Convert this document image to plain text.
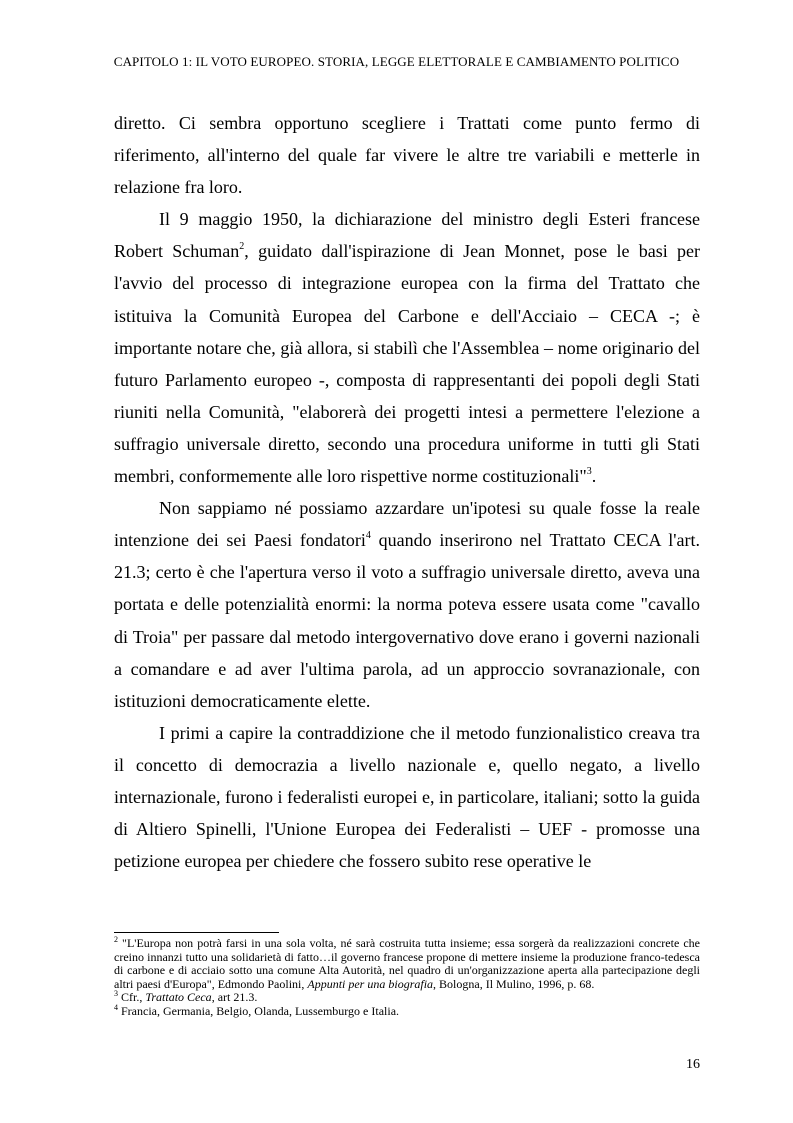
CAPITOLO 1: IL VOTO EUROPEO. STORIA, LEGGE ELETTORALE E CAMBIAMENTO POLITICO

diretto. Ci sembra opportuno scegliere i Trattati come punto fermo di riferimento, all'interno del quale far vivere le altre tre variabili e metterle in relazione fra loro.

Il 9 maggio 1950, la dichiarazione del ministro degli Esteri francese Robert Schuman$^2$, guidato dall'ispirazione di Jean Monnet, pose le basi per l'avvio del processo di integrazione europea con la firma del Trattato che istituiva la Comunità Europea del Carbone e dell'Acciaio – CECA -; è importante notare che, già allora, si stabilì che l'Assemblea – nome originario del futuro Parlamento europeo -, composta di rappresentanti dei popoli degli Stati riuniti nella Comunità, "elaborerà dei progetti intesi a permettere l'elezione a suffragio universale diretto, secondo una procedura uniforme in tutti gli Stati membri, conformemente alle loro rispettive norme costituzionali"$^3$.

Non sappiamo né possiamo azzardare un'ipotesi su quale fosse la reale intenzione dei sei Paesi fondatori$^4$ quando inserirono nel Trattato CECA l'art. 21.3; certo è che l'apertura verso il voto a suffragio universale diretto, aveva una portata e delle potenzialità enormi: la norma poteva essere usata come "cavallo di Troia" per passare dal metodo intergovernativo dove erano i governi nazionali a comandare e ad aver l'ultima parola, ad un approccio sovranazionale, con istituzioni democraticamente elette.

I primi a capire la contraddizione che il metodo funzionalistico creava tra il concetto di democrazia a livello nazionale e, quello negato, a livello internazionale, furono i federalisti europei e, in particolare, italiani; sotto la guida di Altiero Spinelli, l'Unione Europea dei Federalisti – UEF - promosse una petizione europea per chiedere che fossero subito rese operative le

$^2$ "L'Europa non potrà farsi in una sola volta, né sarà costruita tutta insieme; essa sorgerà da realizzazioni concrete che creino innanzi tutto una solidarietà di fatto…il governo francese propone di mettere insieme la produzione franco-tedesca di carbone e di acciaio sotto una comune Alta Autorità, nel quadro di un'organizzazione aperta alla partecipazione degli altri paesi d'Europa", Edmondo Paolini, Appunti per una biografia, Bologna, Il Mulino, 1996, p. 68.

$^3$ Cfr., Trattato Ceca, art 21.3.

$^4$ Francia, Germania, Belgio, Olanda, Lussemburgo e Italia.

16
